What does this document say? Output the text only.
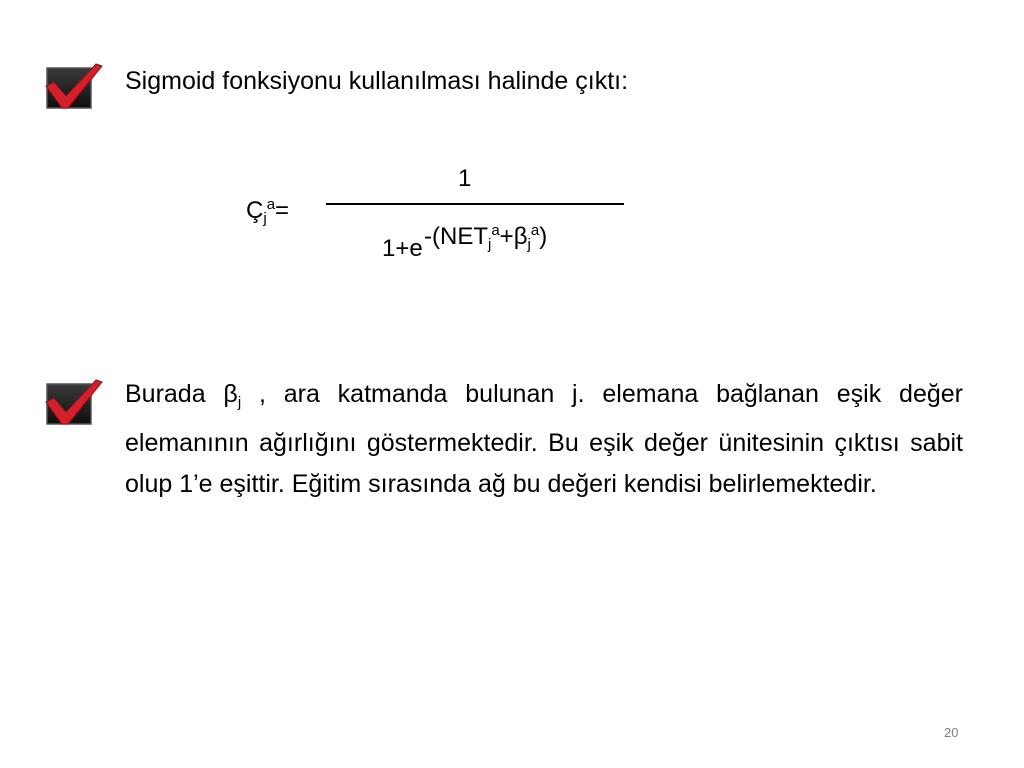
Sigmoid fonksiyonu kullanılması halinde çıktı:
$Ç_j^a=$
1
1+e $-(NET_j^a+\beta_j^a)$
Burada $\beta_j$ , ara katmanda bulunan j. elemana bağlanan eşik değer elemanının ağırlığını göstermektedir. Bu eşik değer ünitesinin çıktısı sabit olup 1’e eşittir. Eğitim sırasında ağ bu değeri kendisi belirlemektedir.
20
